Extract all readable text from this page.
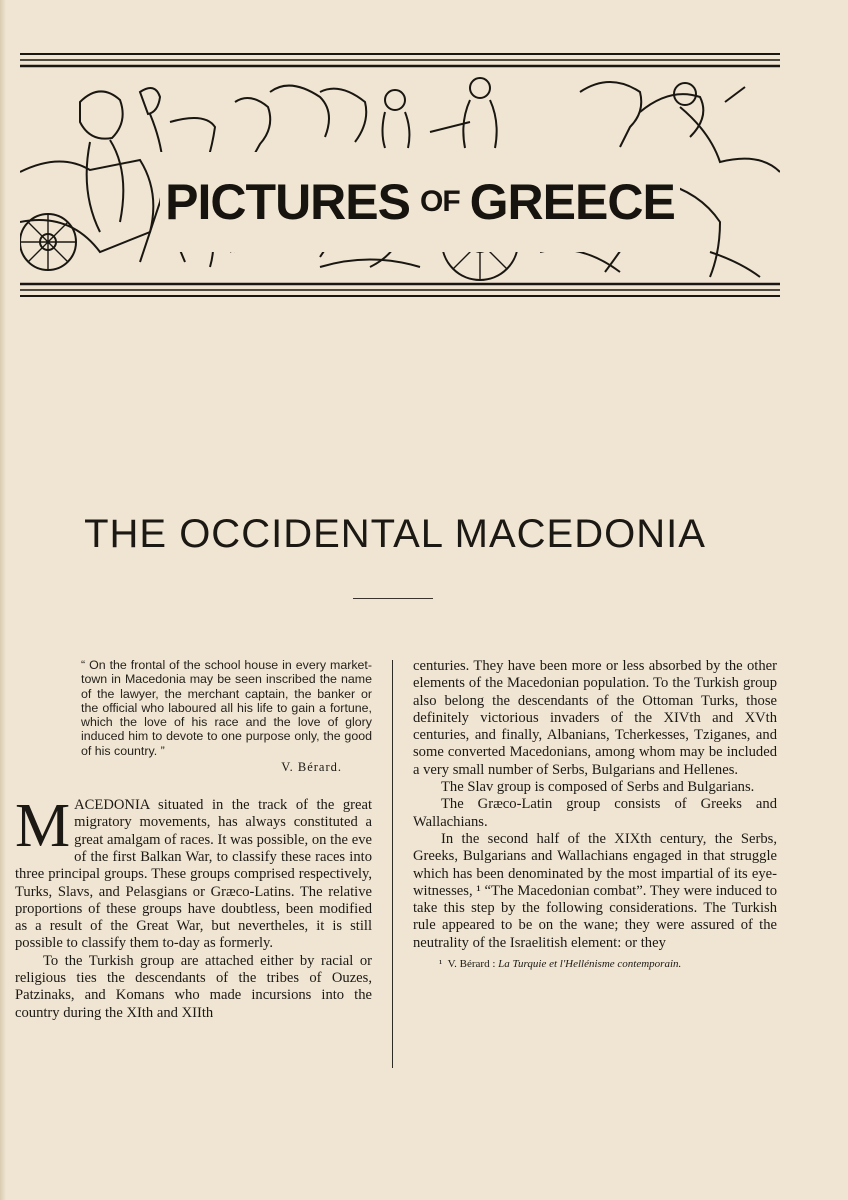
PICTURES OF GREECE
THE OCCIDENTAL MACEDONIA

“ On the frontal of the school house in every market-town in Macedonia may be seen inscribed the name of the lawyer, the merchant captain, the banker or the official who laboured all his life to gain a fortune, which the love of his race and the love of glory induced him to devote to one purpose only, the good of his country. ”

V. Bérard.

MACEDONIA situated in the track of the great migratory movements, has always constituted a great amalgam of races. It was possible, on the eve of the first Balkan War, to classify these races into three principal groups. These groups comprised respectively, Turks, Slavs, and Pelasgians or Græco-Latins. The relative proportions of these groups have doubtless, been modified as a result of the Great War, but nevertheles, it is still possible to classify them to-day as formerly.

To the Turkish group are attached either by racial or religious ties the descendants of the tribes of Ouzes, Patzinaks, and Komans who made incursions into the country during the XIth and XIIth

centuries. They have been more or less absorbed by the other elements of the Macedonian population. To the Turkish group also belong the descendants of the Ottoman Turks, those definitely victorious invaders of the XIVth and XVth centuries, and finally, Albanians, Tcherkesses, Tziganes, and some converted Macedonians, among whom may be included a very small number of Serbs, Bulgarians and Hellenes.

The Slav group is composed of Serbs and Bulgarians.

The Græco-Latin group consists of Greeks and Wallachians.

In the second half of the XIXth century, the Serbs, Greeks, Bulgarians and Wallachians engaged in that struggle which has been denominated by the most impartial of its eye-witnesses, ¹ “The Macedonian combat”. They were induced to take this step by the following considerations. The Turkish rule appeared to be on the wane; they were assured of the neutrality of the Israelitish element: or they

¹ V. Bérard : La Turquie et l'Hellénisme contemporain.
